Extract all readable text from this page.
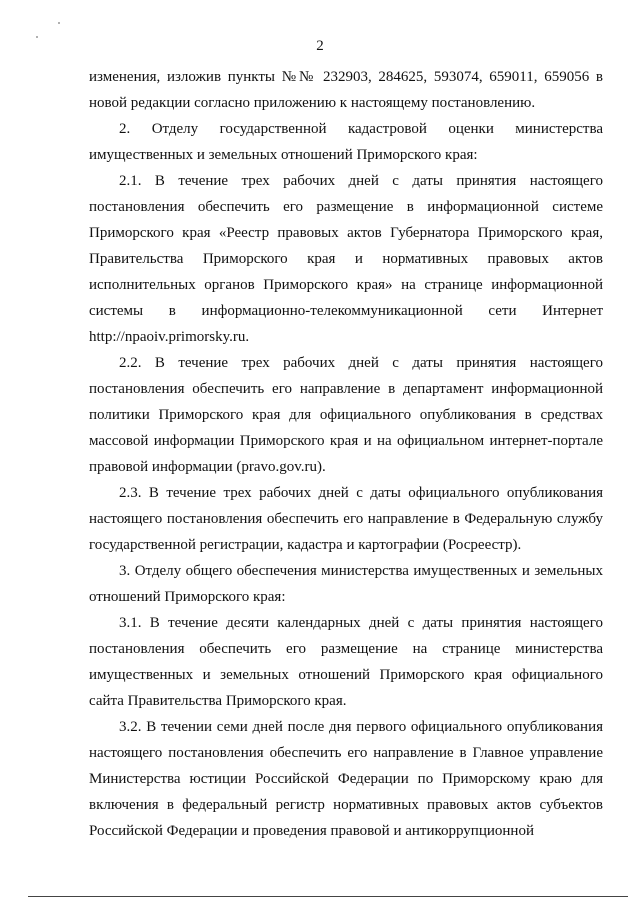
2

изменения, изложив пункты №№ 232903, 284625, 593074, 659011, 659056 в новой редакции согласно приложению к настоящему постановлению.

2. Отделу государственной кадастровой оценки министерства имущественных и земельных отношений Приморского края:

2.1. В течение трех рабочих дней с даты принятия настоящего постановления обеспечить его размещение в информационной системе Приморского края «Реестр правовых актов Губернатора Приморского края, Правительства Приморского края и нормативных правовых актов исполнительных органов Приморского края» на странице информационной системы в информационно-телекоммуникационной сети Интернет http://npaoiv.primorsky.ru.

2.2. В течение трех рабочих дней с даты принятия настоящего постановления обеспечить его направление в департамент информационной политики Приморского края для официального опубликования в средствах массовой информации Приморского края и на официальном интернет-портале правовой информации (pravo.gov.ru).

2.3. В течение трех рабочих дней с даты официального опубликования настоящего постановления обеспечить его направление в Федеральную службу государственной регистрации, кадастра и картографии (Росреестр).

3. Отделу общего обеспечения министерства имущественных и земельных отношений Приморского края:

3.1. В течение десяти календарных дней с даты принятия настоящего постановления обеспечить его размещение на странице министерства имущественных и земельных отношений Приморского края официального сайта Правительства Приморского края.

3.2. В течении семи дней после дня первого официального опубликования настоящего постановления обеспечить его направление в Главное управление Министерства юстиции Российской Федерации по Приморскому краю для включения в федеральный регистр нормативных правовых актов субъектов Российской Федерации и проведения правовой и антикоррупционной
